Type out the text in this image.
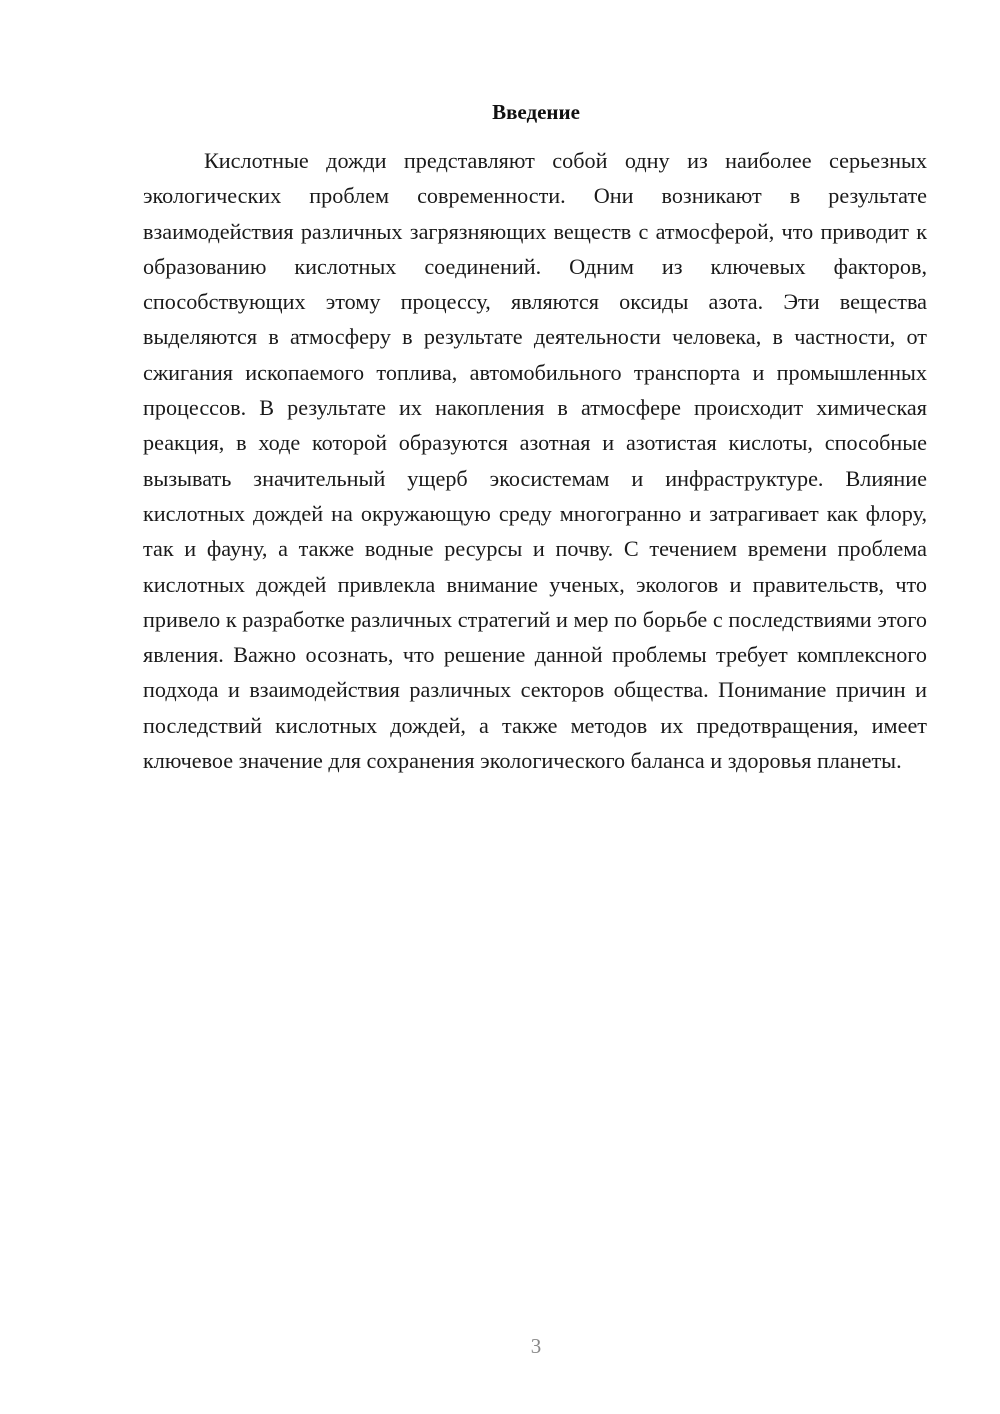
Введение

Кислотные дожди представляют собой одну из наиболее серьезных экологических проблем современности. Они возникают в результате взаимодействия различных загрязняющих веществ с атмосферой, что приводит к образованию кислотных соединений. Одним из ключевых факторов, способствующих этому процессу, являются оксиды азота. Эти вещества выделяются в атмосферу в результате деятельности человека, в частности, от сжигания ископаемого топлива, автомобильного транспорта и промышленных процессов. В результате их накопления в атмосфере происходит химическая реакция, в ходе которой образуются азотная и азотистая кислоты, способные вызывать значительный ущерб экосистемам и инфраструктуре. Влияние кислотных дождей на окружающую среду многогранно и затрагивает как флору, так и фауну, а также водные ресурсы и почву. С течением времени проблема кислотных дождей привлекла внимание ученых, экологов и правительств, что привело к разработке различных стратегий и мер по борьбе с последствиями этого явления. Важно осознать, что решение данной проблемы требует комплексного подхода и взаимодействия различных секторов общества. Понимание причин и последствий кислотных дождей, а также методов их предотвращения, имеет ключевое значение для сохранения экологического баланса и здоровья планеты.

3
